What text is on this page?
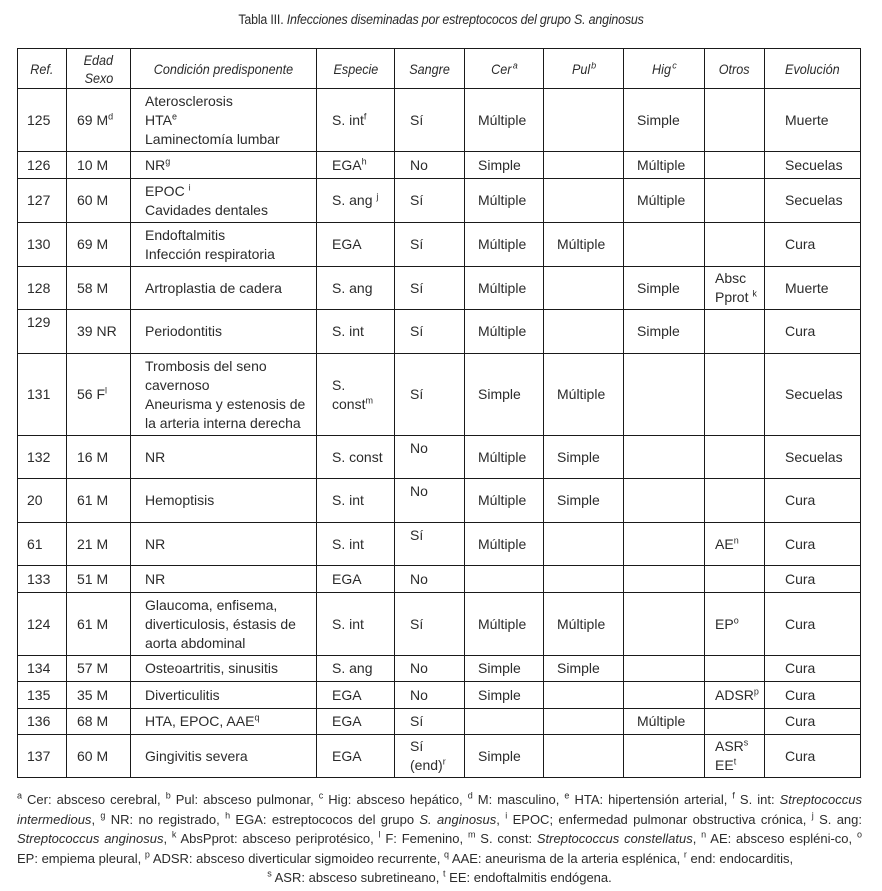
Tabla III. Infecciones diseminadas por estreptococos del grupo S. anginosus
Ref.	Edad
Sexo	Condición predisponente	Especie	Sangre	Cer$^a$	Pul$^b$	Hig$^c$	Otros	Evolución
125	69 $M^d$	Aterosclerosis
HTA$^e$
Laminectomía lumbar	S. int$^f$	Sí	Múltiple		Simple		Muerte
126	10 M	$NR^g$	EGA$^h$	No	Simple		Múltiple		Secuelas
127	60 M	EPOC $^i$
Cavidades dentales	S. ang $^j$	Sí	Múltiple		Múltiple		Secuelas
130	69 M	Endoftalmitis
Infección respiratoria	EGA	Sí	Múltiple	Múltiple			Cura
128	58 M	Artroplastia de cadera	S. ang	Sí	Múltiple		Simple	Absc
Pprot $^k$	Muerte
129	39 NR	Periodontitis	S. int	Sí	Múltiple		Simple		Cura
131	56 $F^l$	Trombosis del seno
cavernoso
Aneurisma y estenosis de
la arteria interna derecha	S.
const$^m$	Sí	Simple	Múltiple			Secuelas
132	16 M	NR	S. const	No	Múltiple	Simple			Secuelas
20	61 M	Hemoptisis	S. int	No	Múltiple	Simple			Cura
61	21 M	NR	S. int	Sí	Múltiple			$AE^n$	Cura
133	51 M	NR	EGA	No					Cura
124	61 M	Glaucoma, enfisema,
diverticulosis, éstasis de
aorta abdominal	S. int	Sí	Múltiple	Múltiple		$EP^o$	Cura
134	57 M	Osteoartritis, sinusitis	S. ang	No	Simple	Simple			Cura
135	35 M	Diverticulitis	EGA	No	Simple			ADSR$^p$	Cura
136	68 M	HTA, EPOC, AAE$^q$	EGA	Sí			Múltiple		Cura
137	60 M	Gingivitis severa	EGA	Sí
(end)$^r$	Simple			ASR$^s$
$EE^t$	Cura
$^a$ Cer: absceso cerebral, $^b$ Pul: absceso pulmonar, $^c$ Hig: absceso hepático, $^d$ M: masculino, $^e$ HTA: hipertensión arterial, $^f$ S. int: Streptococcus intermedious, $^g$ NR: no registrado, $^h$ EGA: estreptococos del grupo S. anginosus, $^i$ EPOC; enfermedad pulmonar obstructiva crónica, $^j$ S. ang: Streptococcus anginosus, $^k$ AbsPprot: absceso periprotésico, $^l$ F: Femenino, $^m$ S. const: Streptococcus constellatus, $^n$ AE: absceso espléni-co, $^o$ EP: empiema pleural, $^p$ ADSR: absceso diverticular sigmoideo recurrente, $^q$ AAE: aneurisma de la arteria esplénica, $^r$ end: endocarditis,
$^s$ ASR: absceso subretineano, $^t$ EE: endoftalmitis endógena.
